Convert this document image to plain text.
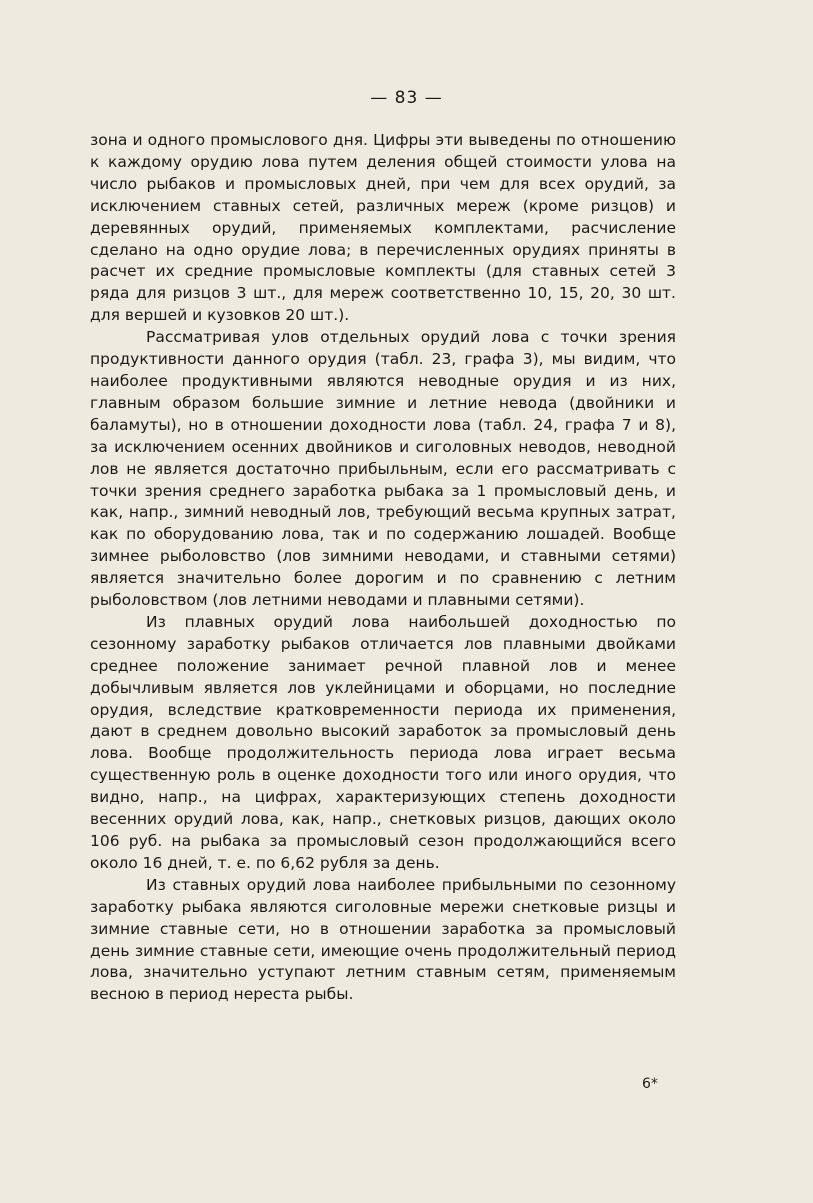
— 83 —

зона и одного промыслового дня. Цифры эти выведены по отношению к каждому орудию лова путем деления общей стоимости улова на число рыбаков и промысловых дней, при чем для всех орудий, за исключением ставных сетей, различных мереж (кроме ризцов) и деревянных орудий, применяемых комплектами, расчисление сделано на одно орудие лова; в перечисленных орудиях приняты в расчет их средние промысловые комплекты (для ставных сетей 3 ряда для ризцов 3 шт., для мереж соответственно 10, 15, 20, 30 шт. для вершей и кузовков 20 шт.).

Рассматривая улов отдельных орудий лова с точки зрения продуктивности данного орудия (табл. 23, графа 3), мы видим, что наиболее продуктивными являются неводные орудия и из них, главным образом большие зимние и летние невода (двойники и баламуты), но в отношении доходности лова (табл. 24, графа 7 и 8), за исключением осенних двойников и сиголовных неводов, неводной лов не является достаточно прибыльным, если его рассматривать с точки зрения среднего заработка рыбака за 1 промысловый день, и как, напр., зимний неводный лов, требующий весьма крупных затрат, как по оборудованию лова, так и по содержанию лошадей. Вообще зимнее рыболовство (лов зимними неводами, и ставными сетями) является значительно более дорогим и по сравнению с летним рыболовством (лов летними неводами и плавными сетями).

Из плавных орудий лова наибольшей доходностью по сезонному заработку рыбаков отличается лов плавными двойками среднее положение занимает речной плавной лов и менее добычливым является лов уклейницами и оборцами, но последние орудия, вследствие кратковременности периода их применения, дают в среднем довольно высокий заработок за промысловый день лова. Вообще продолжительность периода лова играет весьма существенную роль в оценке доходности того или иного орудия, что видно, напр., на цифрах, характеризующих степень доходности весенних орудий лова, как, напр., снетковых ризцов, дающих около 106 руб. на рыбака за промысловый сезон продолжающийся всего около 16 дней, т. е. по 6,62 рубля за день.

Из ставных орудий лова наиболее прибыльными по сезонному заработку рыбака являются сиголовные мережи снетковые ризцы и зимние ставные сети, но в отношении заработка за промысловый день зимние ставные сети, имеющие очень продолжительный период лова, значительно уступают летним ставным сетям, применяемым весною в период нереста рыбы.

6*
